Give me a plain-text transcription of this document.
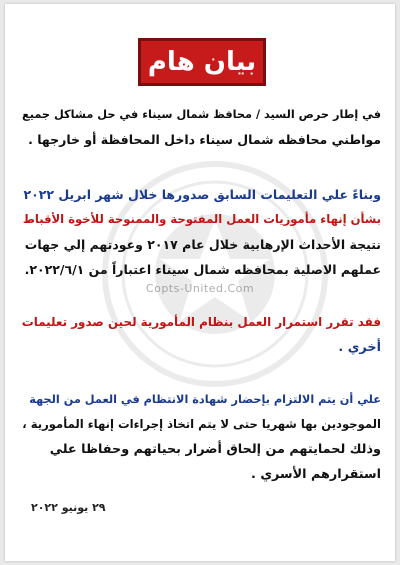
Copts-United.Com
بيان هام
في إطار حرص السيد / محافظ شمال سيناء في حل مشاكل جميع
مواطني محافظه شمال سيناء داخل المحافظة أو خارجها .
وبناءً علي التعليمات السابق صدورها خلال شهر ابريل ٢٠٢٢
بشأن إنهاء مأموريات العمل المفتوحة والممنوحة للأخوة الأقباط
نتيجة الأحداث الإرهابية خلال عام ٢٠١٧ وعودتهم إلي جهات
عملهم الاصلية بمحافظه شمال سيناء اعتباراً من ٢٠٢٢/٦/١.
فقد تقرر استمرار العمل بنظام المأمورية لحين صدور تعليمات
أخري .
علي أن يتم الالتزام بإحضار شهادة الانتظام في العمل من الجهة
الموجودين بها شهريا حتى لا يتم اتخاذ إجراءات إنهاء المأمورية ،
وذلك لحمايتهم من إلحاق أضرار بحياتهم وحفاظا علي
استقرارهم الأسري .
٢٩ يونيو ٢٠٢٢
